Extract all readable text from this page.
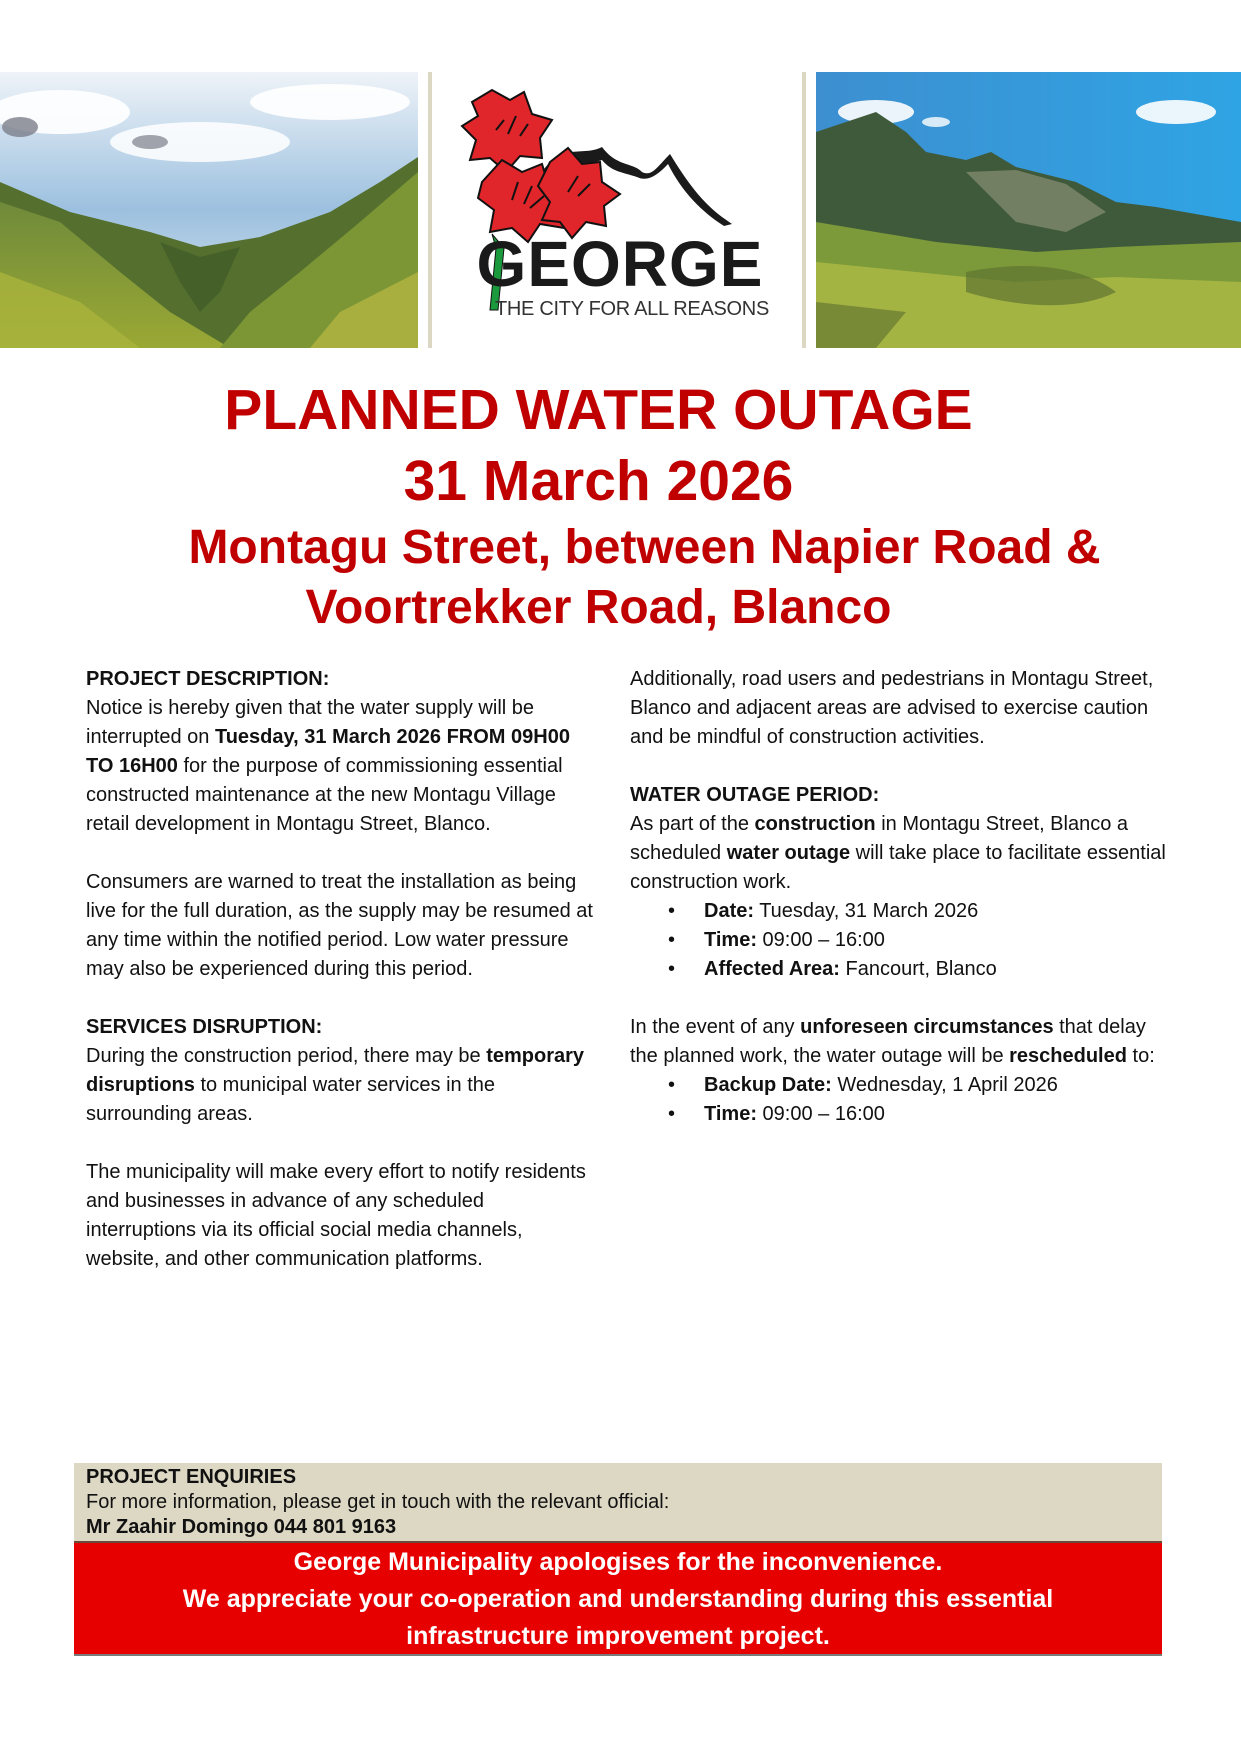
GEORGE
THE CITY FOR ALL REASONS
PLANNED WATER OUTAGE
31 March 2026
Montagu Street, between Napier Road &
Voortrekker Road, Blanco

PROJECT DESCRIPTION:

Notice is hereby given that the water supply will be interrupted on Tuesday, 31 March 2026 FROM 09H00 TO 16H00 for the purpose of commissioning essential constructed maintenance at the new Montagu Village retail development in Montagu Street, Blanco.

Consumers are warned to treat the installation as being live for the full duration, as the supply may be resumed at any time within the notified period. Low water pressure may also be experienced during this period.

SERVICES DISRUPTION:

During the construction period, there may be temporary disruptions to municipal water services in the surrounding areas.

The municipality will make every effort to notify residents and businesses in advance of any scheduled interruptions via its official social media channels, website, and other communication platforms.

Additionally, road users and pedestrians in Montagu Street, Blanco and adjacent areas are advised to exercise caution and be mindful of construction activities.

WATER OUTAGE PERIOD:

As part of the construction in Montagu Street, Blanco a scheduled water outage will take place to facilitate essential construction work.

• Date: Tuesday, 31 March 2026
• Time: 09:00 – 16:00
• Affected Area: Fancourt, Blanco

In the event of any unforeseen circumstances that delay the planned work, the water outage will be rescheduled to:

• Backup Date: Wednesday, 1 April 2026
• Time: 09:00 – 16:00
PROJECT ENQUIRIES
For more information, please get in touch with the relevant official:
Mr Zaahir Domingo 044 801 9163
George Municipality apologises for the inconvenience.
We appreciate your co-operation and understanding during this essential
infrastructure improvement project.
